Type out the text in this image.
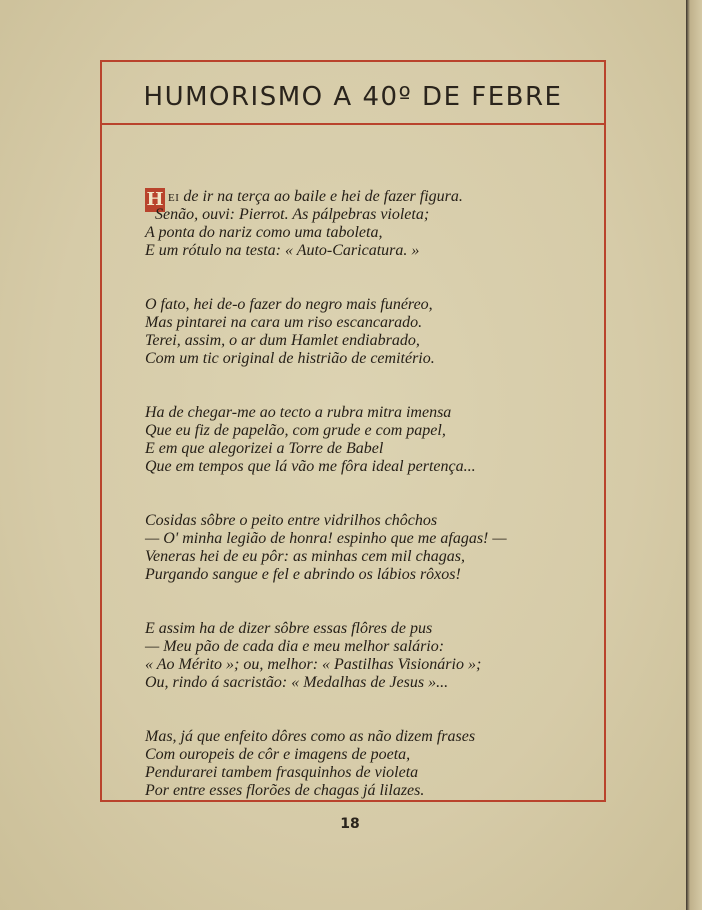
HUMORISMO A 40º DE FEBRE
H EI de ir na terça ao baile e hei de fazer figura.
Senão, ouvi: Pierrot. As pálpebras violeta;
A ponta do nariz como uma taboleta,
E um rótulo na testa: « Auto-Caricatura. »
O fato, hei de-o fazer do negro mais funéreo,
Mas pintarei na cara um riso escancarado.
Terei, assim, o ar dum Hamlet endiabrado,
Com um tic original de histrião de cemitério.
Ha de chegar-me ao tecto a rubra mitra imensa
Que eu fiz de papelão, com grude e com papel,
E em que alegorizei a Torre de Babel
Que em tempos que lá vão me fôra ideal pertença...
Cosidas sôbre o peito entre vidrilhos chôchos
— O' minha legião de honra! espinho que me afagas! —
Veneras hei de eu pôr: as minhas cem mil chagas,
Purgando sangue e fel e abrindo os lábios rôxos!
E assim ha de dizer sôbre essas flôres de pus
— Meu pão de cada dia e meu melhor salário:
« Ao Mérito »; ou, melhor: « Pastilhas Visionário »;
Ou, rindo á sacristão: « Medalhas de Jesus »...
Mas, já que enfeito dôres como as não dizem frases
Com ouropeis de côr e imagens de poeta,
Pendurarei tambem frasquinhos de violeta
Por entre esses florões de chagas já lilazes.

18
